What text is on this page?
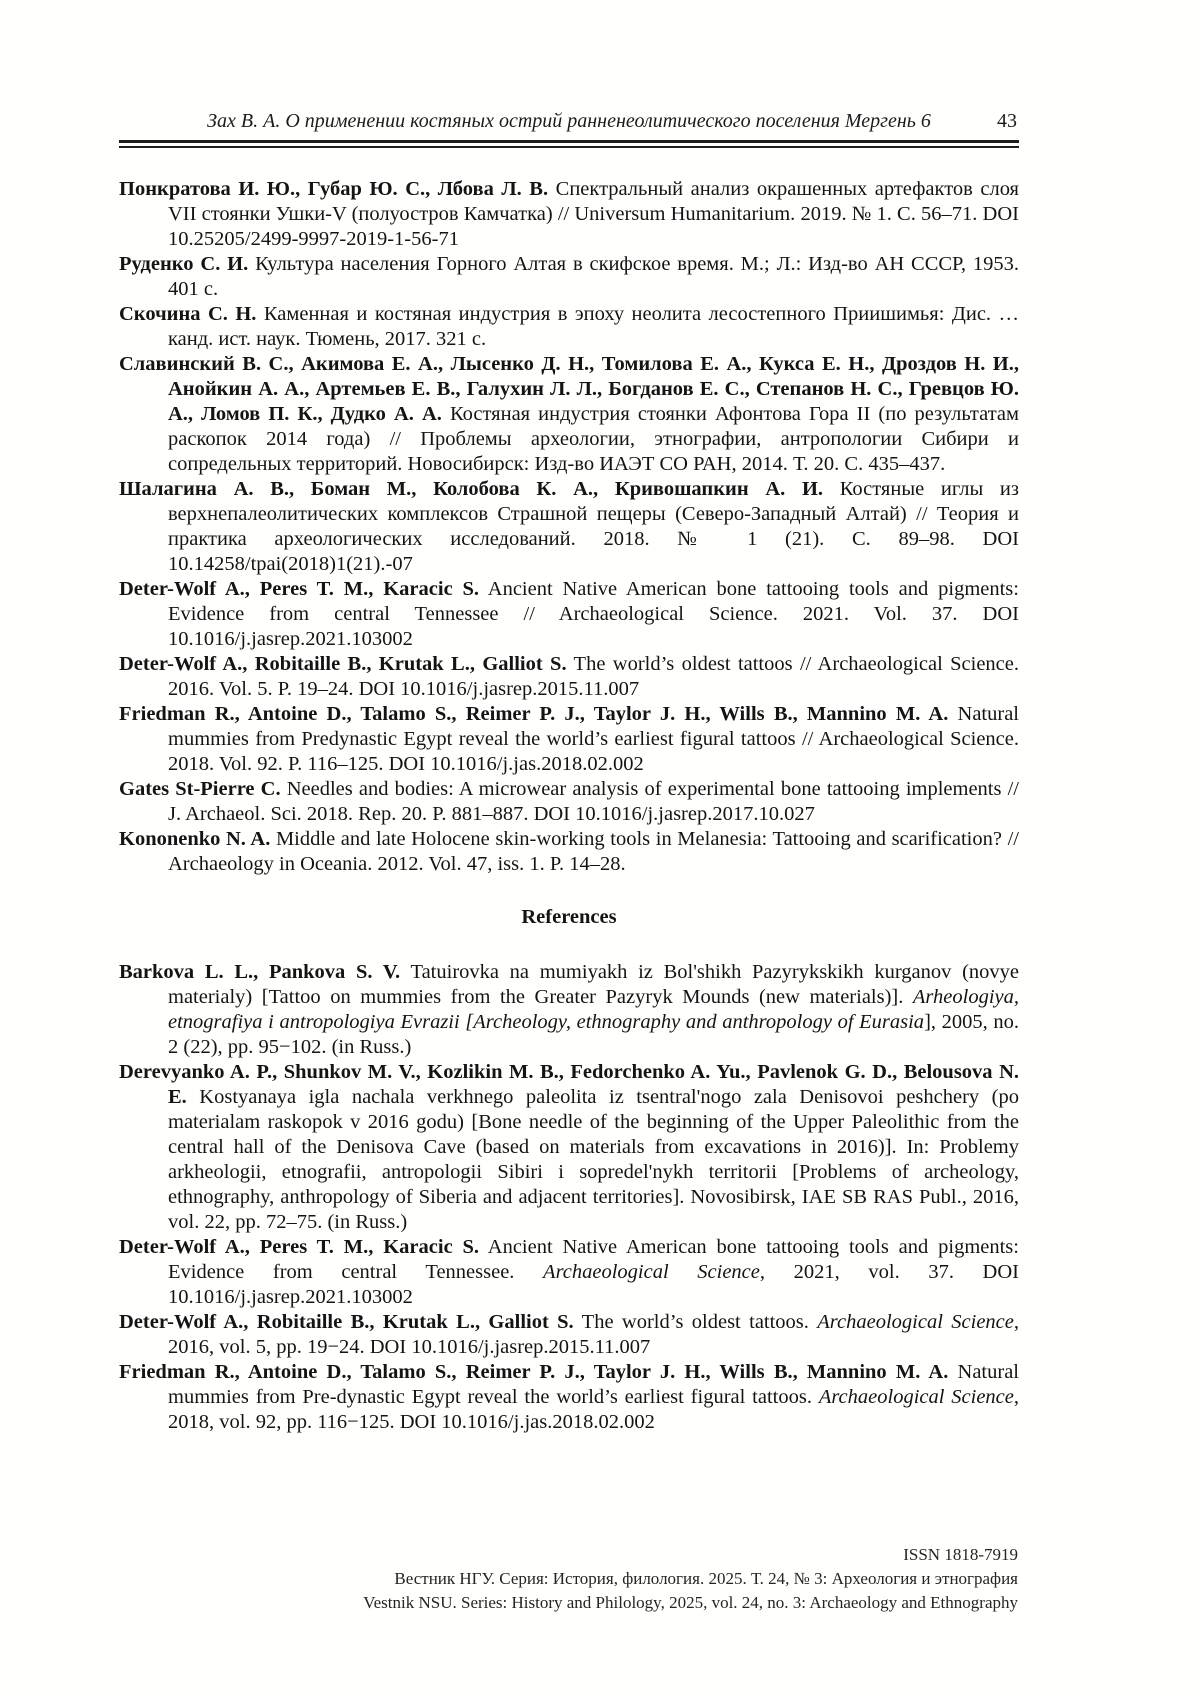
Зах В. А. О применении костяных острий ранненеолитического поселения Мергень 6	43

Понкратова И. Ю., Губар Ю. С., Лбова Л. В. Спектральный анализ окрашенных артефактов слоя VII стоянки Ушки-V (полуостров Камчатка) // Universum Humanitarium. 2019. № 1. С. 56–71. DOI 10.25205/2499-9997-2019-1-56-71

Руденко С. И. Культура населения Горного Алтая в скифское время. М.; Л.: Изд-во АН СССР, 1953. 401 с.

Скочина С. Н. Каменная и костяная индустрия в эпоху неолита лесостепного Приишимья: Дис. … канд. ист. наук. Тюмень, 2017. 321 с.

Славинский В. С., Акимова Е. А., Лысенко Д. Н., Томилова Е. А., Кукса Е. Н., Дроздов Н. И., Анойкин А. А., Артемьев Е. В., Галухин Л. Л., Богданов Е. С., Степанов Н. С., Гревцов Ю. А., Ломов П. К., Дудко А. А. Костяная индустрия стоянки Афонтова Гора II (по результатам раскопок 2014 года) // Проблемы археологии, этнографии, антропологии Сибири и сопредельных территорий. Новосибирск: Изд-во ИАЭТ СО РАН, 2014. Т. 20. С. 435–437.

Шалагина А. В., Боман М., Колобова К. А., Кривошапкин А. И. Костяные иглы из верхнепалеолитических комплексов Страшной пещеры (Северо-Западный Алтай) // Теория и практика археологических исследований. 2018. № 1 (21). С. 89–98. DOI 10.14258/tpai(2018)1(21).-07

Deter-Wolf A., Peres T. M., Karacic S. Ancient Native American bone tattooing tools and pigments: Evidence from central Tennessee // Archaeological Science. 2021. Vol. 37. DOI 10.1016/j.jasrep.2021.103002

Deter-Wolf A., Robitaille B., Krutak L., Galliot S. The world’s oldest tattoos // Archaeological Science. 2016. Vol. 5. P. 19–24. DOI 10.1016/j.jasrep.2015.11.007

Friedman R., Antoine D., Talamo S., Reimer P. J., Taylor J. H., Wills B., Mannino M. A. Natural mummies from Predynastic Egypt reveal the world’s earliest figural tattoos // Archaeological Science. 2018. Vol. 92. P. 116–125. DOI 10.1016/j.jas.2018.02.002

Gates St-Pierre C. Needles and bodies: A microwear analysis of experimental bone tattooing implements // J. Archaeol. Sci. 2018. Rep. 20. P. 881–887. DOI 10.1016/j.jasrep.2017.10.027

Kononenko N. A. Middle and late Holocene skin-working tools in Melanesia: Tattooing and scarification? // Archaeology in Oceania. 2012. Vol. 47, iss. 1. P. 14–28.

References

Barkova L. L., Pankova S. V. Tatuirovka na mumiyakh iz Bol'shikh Pazyrykskikh kurganov (novye materialy) [Tattoo on mummies from the Greater Pazyryk Mounds (new materials)]. Arheologiya, etnografiya i antropologiya Evrazii [Archeology, ethnography and anthropology of Eurasia], 2005, no. 2 (22), pp. 95−102. (in Russ.)

Derevyanko A. P., Shunkov M. V., Kozlikin M. B., Fedorchenko A. Yu., Pavlenok G. D., Belousova N. E. Kostyanaya igla nachala verkhnego paleolita iz tsentral'nogo zala Denisovoi peshchery (po materialam raskopok v 2016 godu) [Bone needle of the beginning of the Upper Paleolithic from the central hall of the Denisova Cave (based on materials from excavations in 2016)]. In: Problemy arkheologii, etnografii, antropologii Sibiri i sopredel'nykh territorii [Problems of archeology, ethnography, anthropology of Siberia and adjacent territories]. Novosibirsk, IAE SB RAS Publ., 2016, vol. 22, pp. 72–75. (in Russ.)

Deter-Wolf A., Peres T. M., Karacic S. Ancient Native American bone tattooing tools and pigments: Evidence from central Tennessee. Archaeological Science, 2021, vol. 37. DOI 10.1016/j.jasrep.2021.103002

Deter-Wolf A., Robitaille B., Krutak L., Galliot S. The world’s oldest tattoos. Archaeological Science, 2016, vol. 5, pp. 19−24. DOI 10.1016/j.jasrep.2015.11.007

Friedman R., Antoine D., Talamo S., Reimer P. J., Taylor J. H., Wills B., Mannino M. A. Natural mummies from Pre-dynastic Egypt reveal the world’s earliest figural tattoos. Archaeological Science, 2018, vol. 92, pp. 116−125. DOI 10.1016/j.jas.2018.02.002

ISSN 1818-7919
Вестник НГУ. Серия: История, филология. 2025. Т. 24, № 3: Археология и этнография
Vestnik NSU. Series: History and Philology, 2025, vol. 24, no. 3: Archaeology and Ethnography
